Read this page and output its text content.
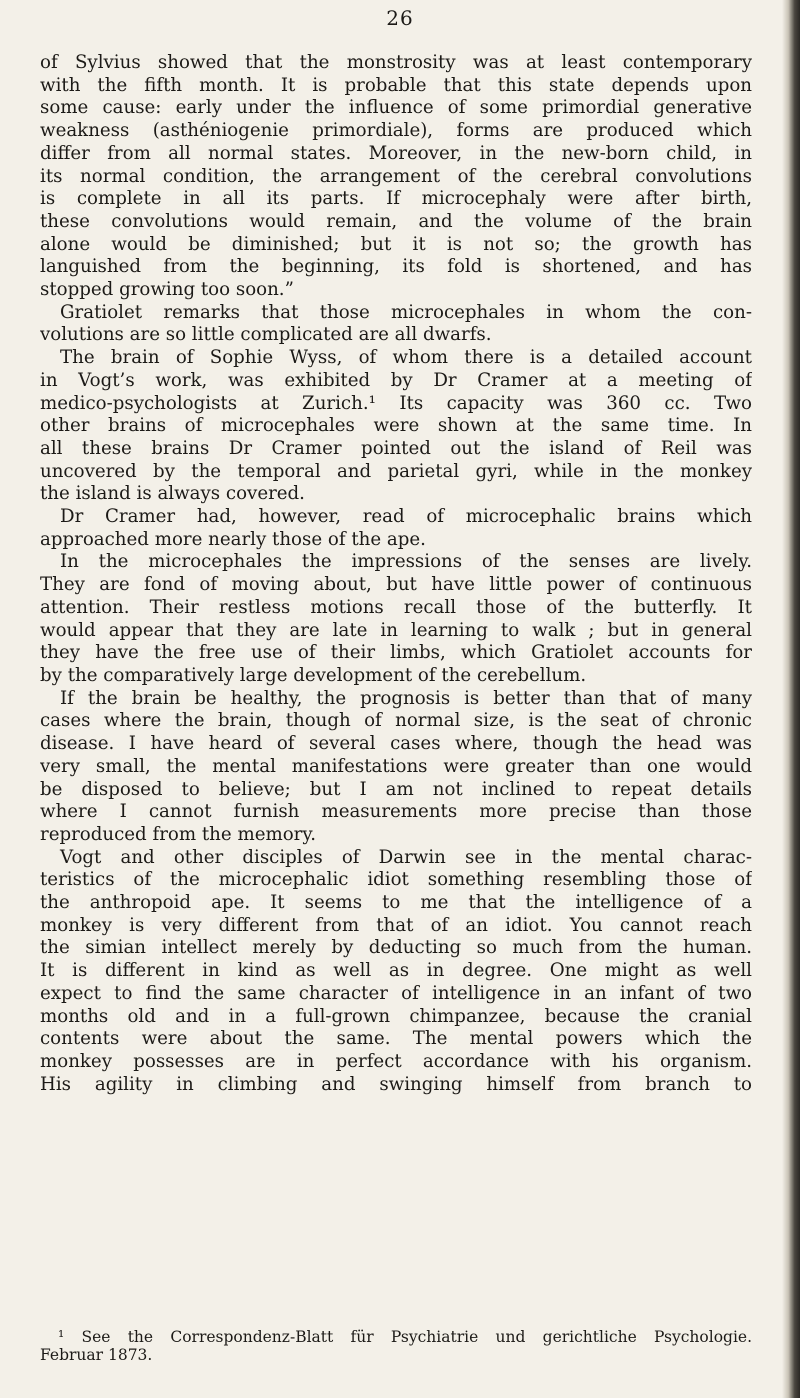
26
of Sylvius showed that the monstrosity was at least contemporary
with the fifth month. It is probable that this state depends upon
some cause: early under the influence of some primordial generative
weakness (asthéniogenie primordiale), forms are produced which
differ from all normal states. Moreover, in the new-born child, in
its normal condition, the arrangement of the cerebral convolutions
is complete in all its parts. If microcephaly were after birth,
these convolutions would remain, and the volume of the brain
alone would be diminished; but it is not so; the growth has
languished from the beginning, its fold is shortened, and has
stopped growing too soon.”
Gratiolet remarks that those microcephales in whom the con-
volutions are so little complicated are all dwarfs.
The brain of Sophie Wyss, of whom there is a detailed account
in Vogt’s work, was exhibited by Dr Cramer at a meeting of
medico-psychologists at Zurich.¹ Its capacity was 360 cc. Two
other brains of microcephales were shown at the same time. In
all these brains Dr Cramer pointed out the island of Reil was
uncovered by the temporal and parietal gyri, while in the monkey
the island is always covered.
Dr Cramer had, however, read of microcephalic brains which
approached more nearly those of the ape.
In the microcephales the impressions of the senses are lively.
They are fond of moving about, but have little power of continuous
attention. Their restless motions recall those of the butterfly. It
would appear that they are late in learning to walk ; but in general
they have the free use of their limbs, which Gratiolet accounts for
by the comparatively large development of the cerebellum.
If the brain be healthy, the prognosis is better than that of many
cases where the brain, though of normal size, is the seat of chronic
disease. I have heard of several cases where, though the head was
very small, the mental manifestations were greater than one would
be disposed to believe; but I am not inclined to repeat details
where I cannot furnish measurements more precise than those
reproduced from the memory.
Vogt and other disciples of Darwin see in the mental charac-
teristics of the microcephalic idiot something resembling those of
the anthropoid ape. It seems to me that the intelligence of a
monkey is very different from that of an idiot. You cannot reach
the simian intellect merely by deducting so much from the human.
It is different in kind as well as in degree. One might as well
expect to find the same character of intelligence in an infant of two
months old and in a full-grown chimpanzee, because the cranial
contents were about the same. The mental powers which the
monkey possesses are in perfect accordance with his organism.
His agility in climbing and swinging himself from branch to
¹ See the Correspondenz-Blatt für Psychiatrie und gerichtliche Psychologie.
Februar 1873.
